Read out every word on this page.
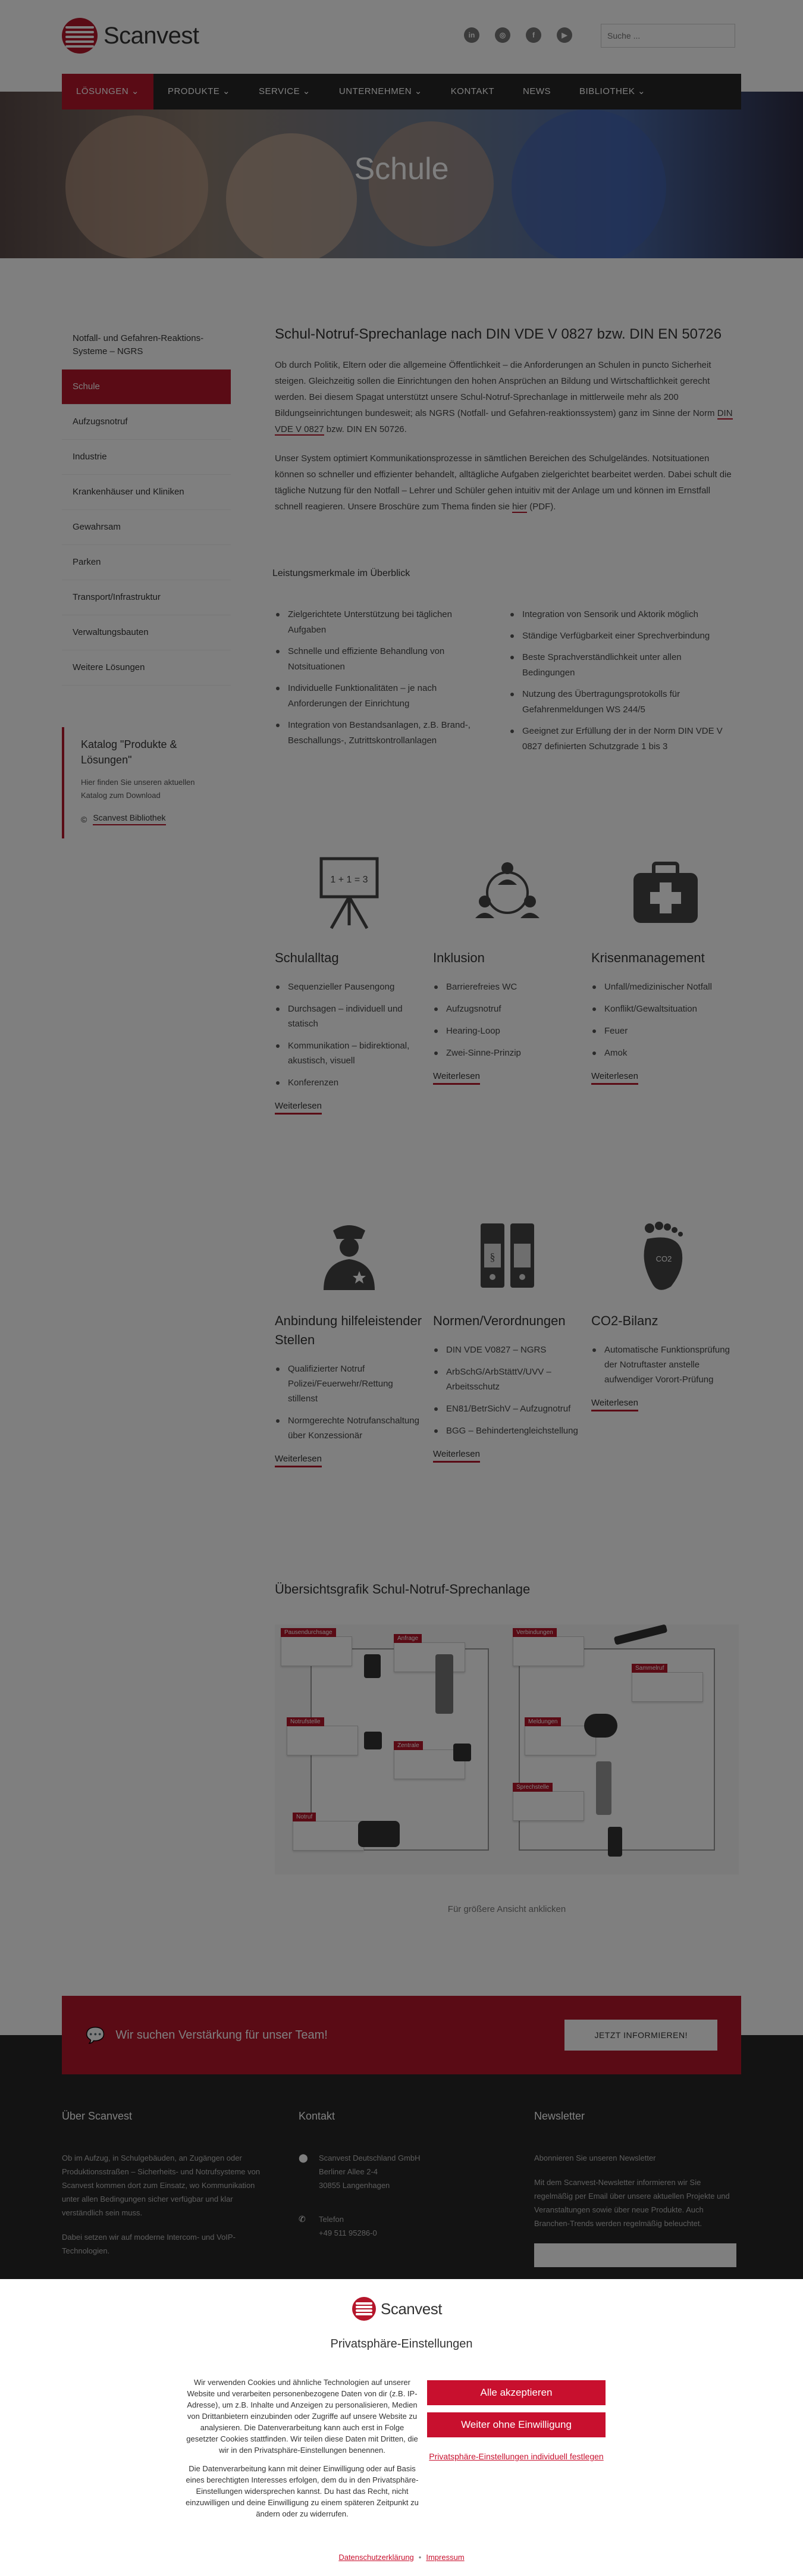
Suche ...

Scanvest
Privatsphäre-Einstellungen

Wir verwenden Cookies und ähnliche Technologien auf unserer Website und verarbeiten personenbezogene Daten von dir (z.B. IP-Adresse), um z.B. Inhalte und Anzeigen zu personalisieren, Medien von Drittanbietern einzubinden oder Zugriffe auf unsere Website zu analysieren. Die Datenverarbeitung kann auch erst in Folge gesetzter Cookies stattfinden. Wir teilen diese Daten mit Dritten, die wir in den Privatsphäre-Einstellungen benennen.

Die Datenverarbeitung kann mit deiner Einwilligung oder auf Basis eines berechtigten Interesses erfolgen, dem du in den Privatsphäre-Einstellungen widersprechen kannst. Du hast das Recht, nicht einzuwilligen und deine Einwilligung zu einem späteren Zeitpunkt zu ändern oder zu widerrufen.

Alle akzeptieren
Weiter ohne Einwilligung
Privatsphäre-Einstellungen individuell festlegen
Datenschutzerklärung • Impressum
